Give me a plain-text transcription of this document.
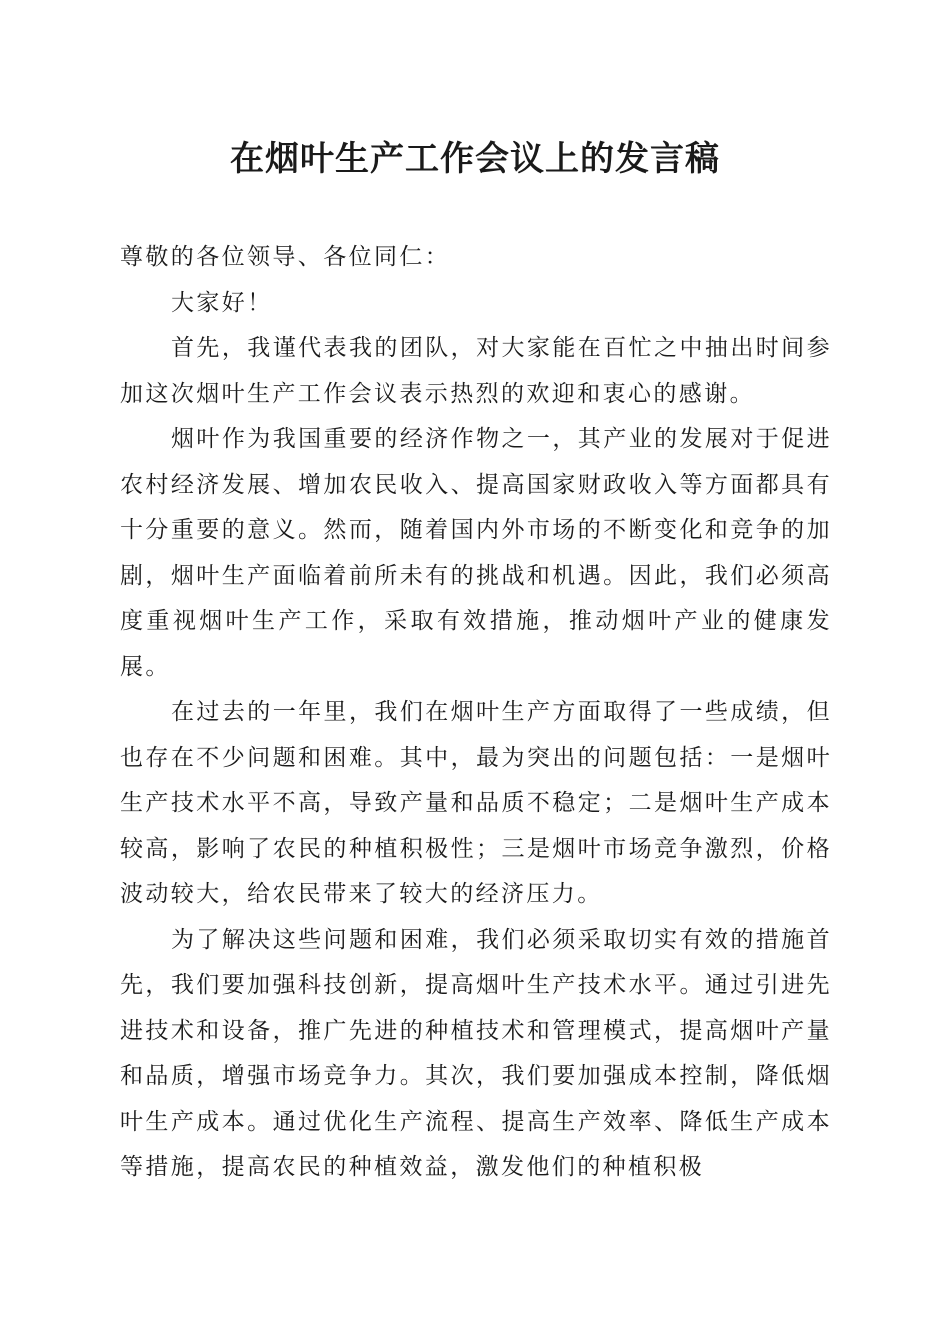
在烟叶生产工作会议上的发言稿

尊敬的各位领导、各位同仁：

大家好！

首先，我谨代表我的团队，对大家能在百忙之中抽出时间参加这次烟叶生产工作会议表示热烈的欢迎和衷心的感谢。

烟叶作为我国重要的经济作物之一，其产业的发展对于促进农村经济发展、增加农民收入、提高国家财政收入等方面都具有十分重要的意义。然而，随着国内外市场的不断变化和竞争的加剧，烟叶生产面临着前所未有的挑战和机遇。因此，我们必须高度重视烟叶生产工作，采取有效措施，推动烟叶产业的健康发展。

在过去的一年里，我们在烟叶生产方面取得了一些成绩，但也存在不少问题和困难。其中，最为突出的问题包括：一是烟叶生产技术水平不高，导致产量和品质不稳定；二是烟叶生产成本较高，影响了农民的种植积极性；三是烟叶市场竞争激烈，价格波动较大，给农民带来了较大的经济压力。

为了解决这些问题和困难，我们必须采取切实有效的措施首先，我们要加强科技创新，提高烟叶生产技术水平。通过引进先进技术和设备，推广先进的种植技术和管理模式，提高烟叶产量和品质，增强市场竞争力。其次，我们要加强成本控制，降低烟叶生产成本。通过优化生产流程、提高生产效率、降低生产成本等措施，提高农民的种植效益，激发他们的种植积极
